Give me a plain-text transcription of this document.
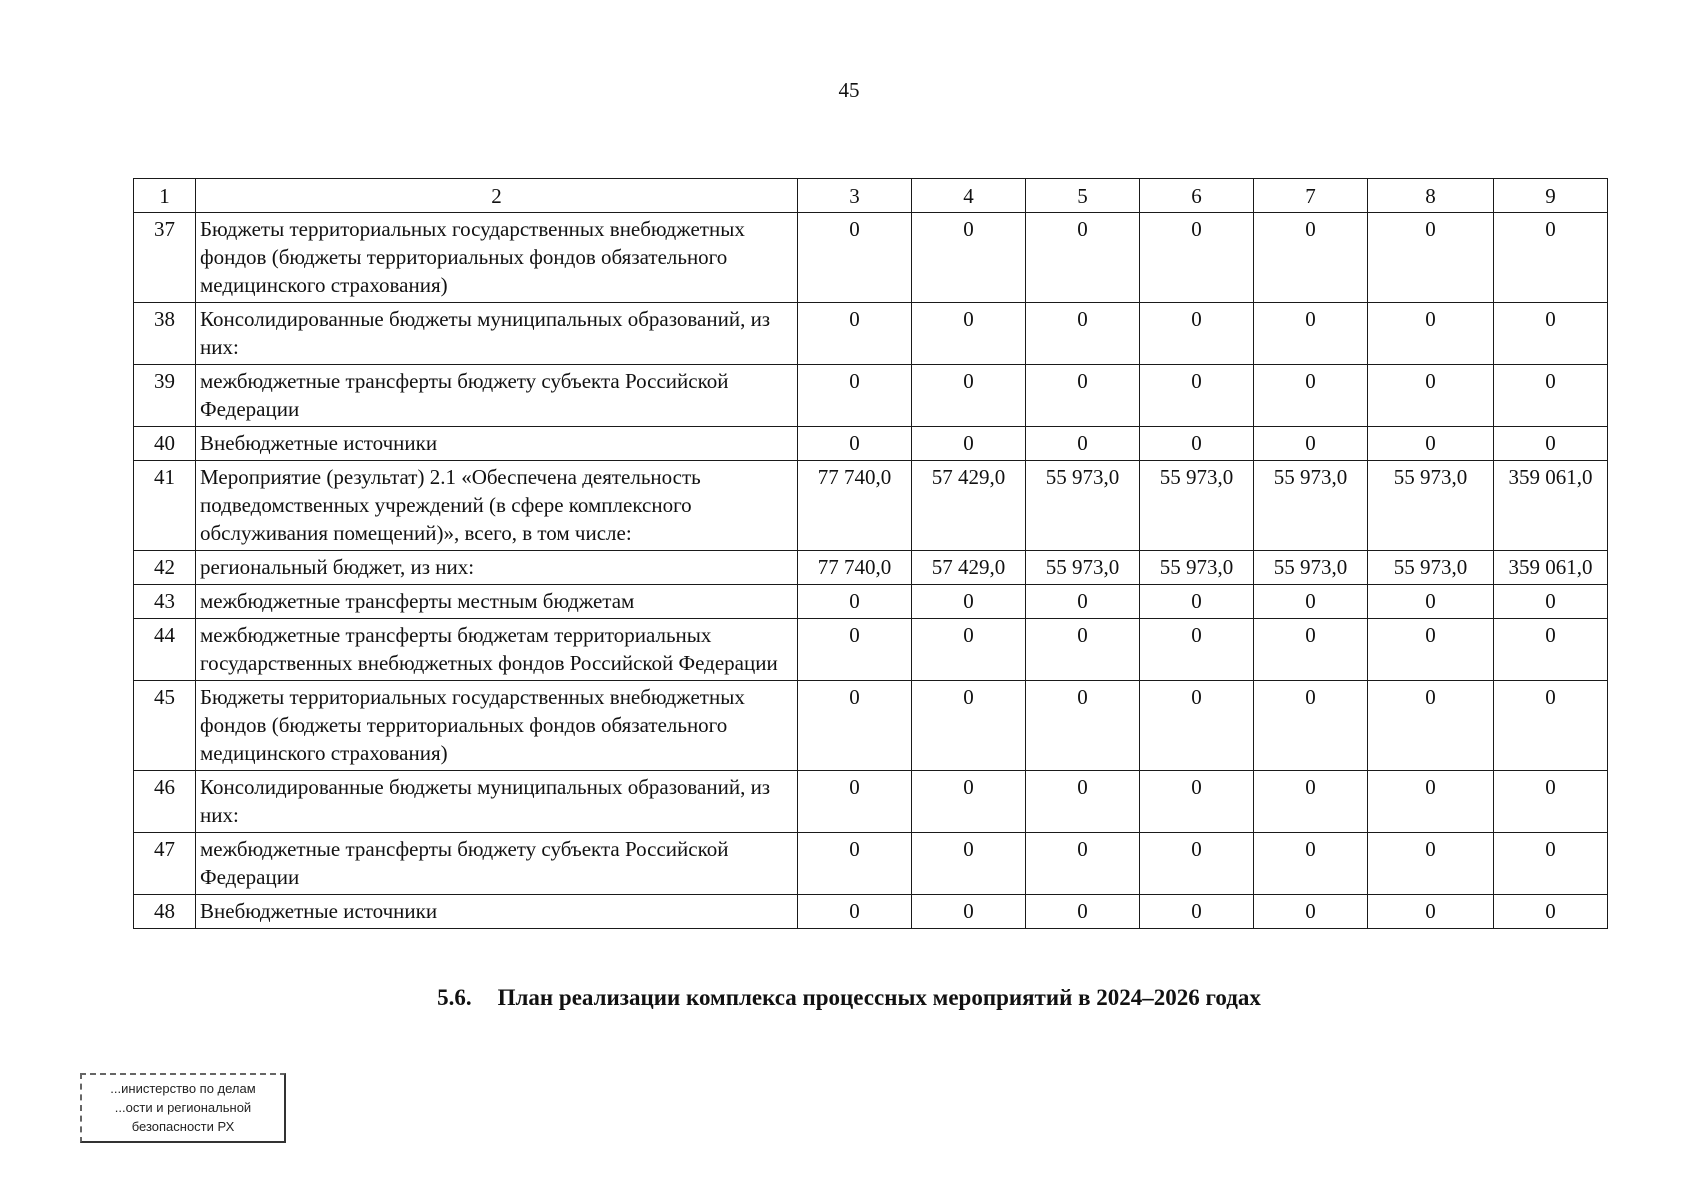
45
1	2	3	4	5	6	7	8	9
37	Бюджеты территориальных государственных внебюджетных фондов (бюджеты территориальных фондов обязательного медицинского страхования)	0	0	0	0	0	0	0
38	Консолидированные бюджеты муниципальных образований, из них:	0	0	0	0	0	0	0
39	межбюджетные трансферты бюджету субъекта Российской Федерации	0	0	0	0	0	0	0
40	Внебюджетные источники	0	0	0	0	0	0	0
41	Мероприятие (результат) 2.1 «Обеспечена деятельность подведомственных учреждений (в сфере комплексного обслуживания помещений)», всего, в том числе:	77 740,0	57 429,0	55 973,0	55 973,0	55 973,0	55 973,0	359 061,0
42	региональный бюджет, из них:	77 740,0	57 429,0	55 973,0	55 973,0	55 973,0	55 973,0	359 061,0
43	межбюджетные трансферты местным бюджетам	0	0	0	0	0	0	0
44	межбюджетные трансферты бюджетам территориальных государственных внебюджетных фондов Российской Федерации	0	0	0	0	0	0	0
45	Бюджеты территориальных государственных внебюджетных фондов (бюджеты территориальных фондов обязательного медицинского страхования)	0	0	0	0	0	0	0
46	Консолидированные бюджеты муниципальных образований, из них:	0	0	0	0	0	0	0
47	межбюджетные трансферты бюджету субъекта Российской Федерации	0	0	0	0	0	0	0
48	Внебюджетные источники	0	0	0	0	0	0	0
5.6. План реализации комплекса процессных мероприятий в 2024–2026 годах
...инистерство по делам
...ости и региональной
безопасности РХ
